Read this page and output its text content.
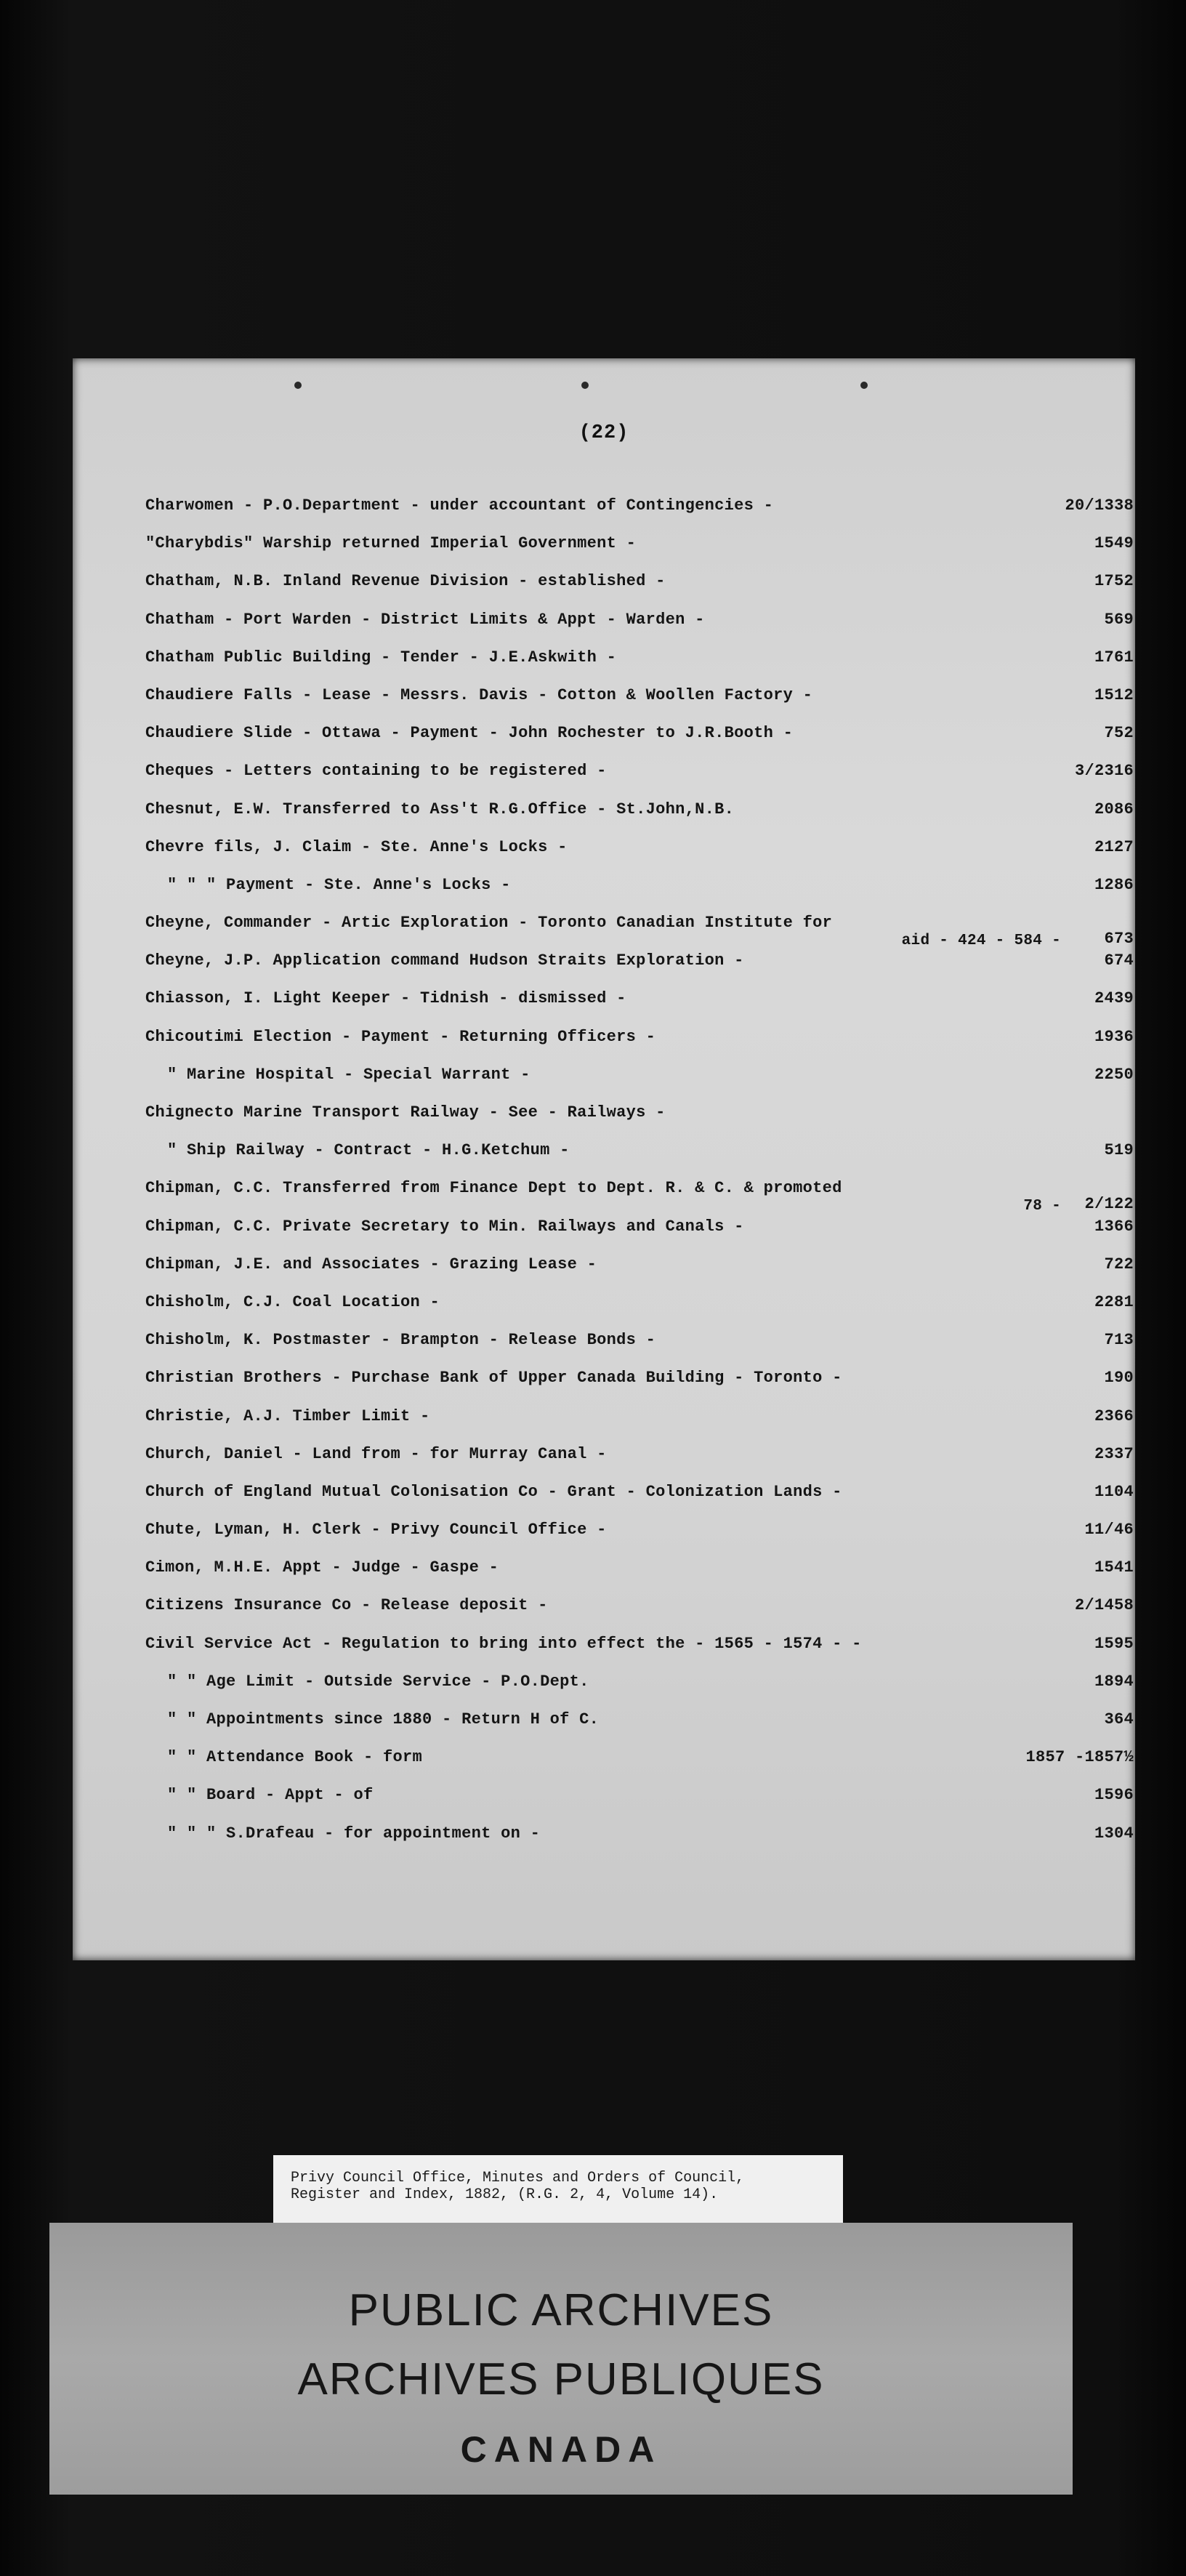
(22)
Charwomen - P.O.Department - under accountant of Contingencies -	20/1338
"Charybdis" Warship returned Imperial Government -	1549
Chatham, N.B. Inland Revenue Division - established -	1752
Chatham - Port Warden - District Limits & Appt - Warden -	569
Chatham Public Building - Tender - J.E.Askwith -	1761
Chaudiere Falls - Lease - Messrs. Davis - Cotton & Woollen Factory -	1512
Chaudiere Slide - Ottawa - Payment - John Rochester to J.R.Booth -	752
Cheques - Letters containing to be registered -	3/2316
Chesnut, E.W. Transferred to Ass't R.G.Office - St.John,N.B.	2086
Chevre fils, J. Claim - Ste. Anne's Locks -	2127
" " " Payment - Ste. Anne's Locks -	1286
Cheyne, Commander - Artic Exploration - Toronto Canadian Institute for
aid - 424 - 584 -	673
Cheyne, J.P. Application command Hudson Straits Exploration -	674
Chiasson, I. Light Keeper - Tidnish - dismissed -	2439
Chicoutimi Election - Payment - Returning Officers -	1936
" Marine Hospital - Special Warrant -	2250
Chignecto Marine Transport Railway - See - Railways -
" Ship Railway - Contract - H.G.Ketchum -	519
Chipman, C.C. Transferred from Finance Dept to Dept. R. & C. & promoted
78 - 2/122
Chipman, C.C. Private Secretary to Min. Railways and Canals -	1366
Chipman, J.E. and Associates - Grazing Lease -	722
Chisholm, C.J. Coal Location -	2281
Chisholm, K. Postmaster - Brampton - Release Bonds -	713
Christian Brothers - Purchase Bank of Upper Canada Building - Toronto -	190
Christie, A.J. Timber Limit -	2366
Church, Daniel - Land from - for Murray Canal -	2337
Church of England Mutual Colonisation Co - Grant - Colonization Lands -	1104
Chute, Lyman, H. Clerk - Privy Council Office -	11/46
Cimon, M.H.E. Appt - Judge - Gaspe -	1541
Citizens Insurance Co - Release deposit -	2/1458
Civil Service Act - Regulation to bring into effect the - 1565 - 1574 - -	1595
" " Age Limit - Outside Service - P.O.Dept.	1894
" " Appointments since 1880 - Return H of C.	364
" " Attendance Book - form	1857 -1857½
" " Board - Appt - of	1596
" " " S.Drafeau - for appointment on -	1304
Privy Council Office, Minutes and Orders of Council,
Register and Index, 1882, (R.G. 2, 4, Volume 14).
PUBLIC ARCHIVES
ARCHIVES PUBLIQUES
CANADA
